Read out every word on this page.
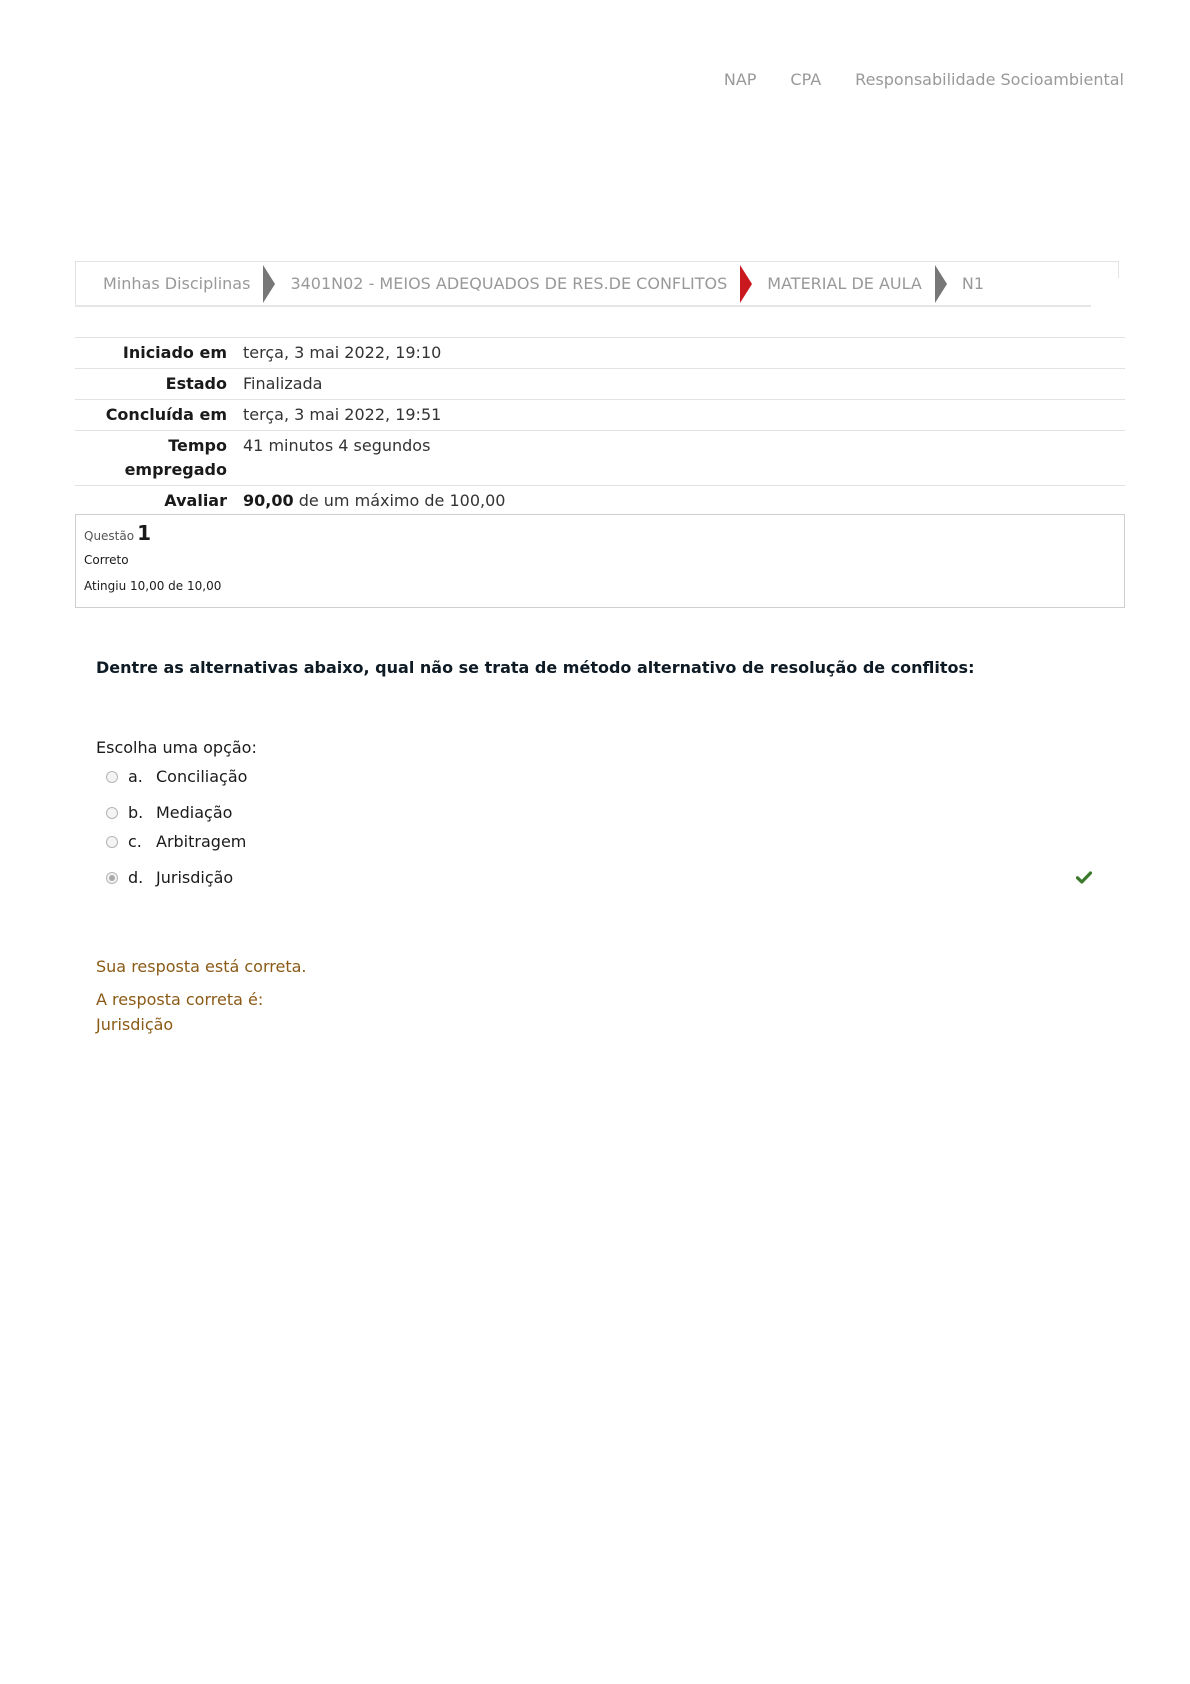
NAP CPA Responsabilidade Socioambiental
Minhas Disciplinas	3401N02 - MEIOS ADEQUADOS DE RES.DE CONFLITOS	MATERIAL DE AULA	N1
Iniciado em	terça, 3 mai 2022, 19:10
Estado	Finalizada
Concluída em	terça, 3 mai 2022, 19:51
Tempo
empregado	41 minutos 4 segundos
Avaliar	90,00 de um máximo de 100,00
Questão 1
Correto
Atingiu 10,00 de 10,00
Dentre as alternativas abaixo, qual não se trata de método alternativo de resolução de conflitos:
Escolha uma opção:
a. Conciliação
b. Mediação
c. Arbitragem
d. Jurisdição
Sua resposta está correta.
A resposta correta é:
Jurisdição
